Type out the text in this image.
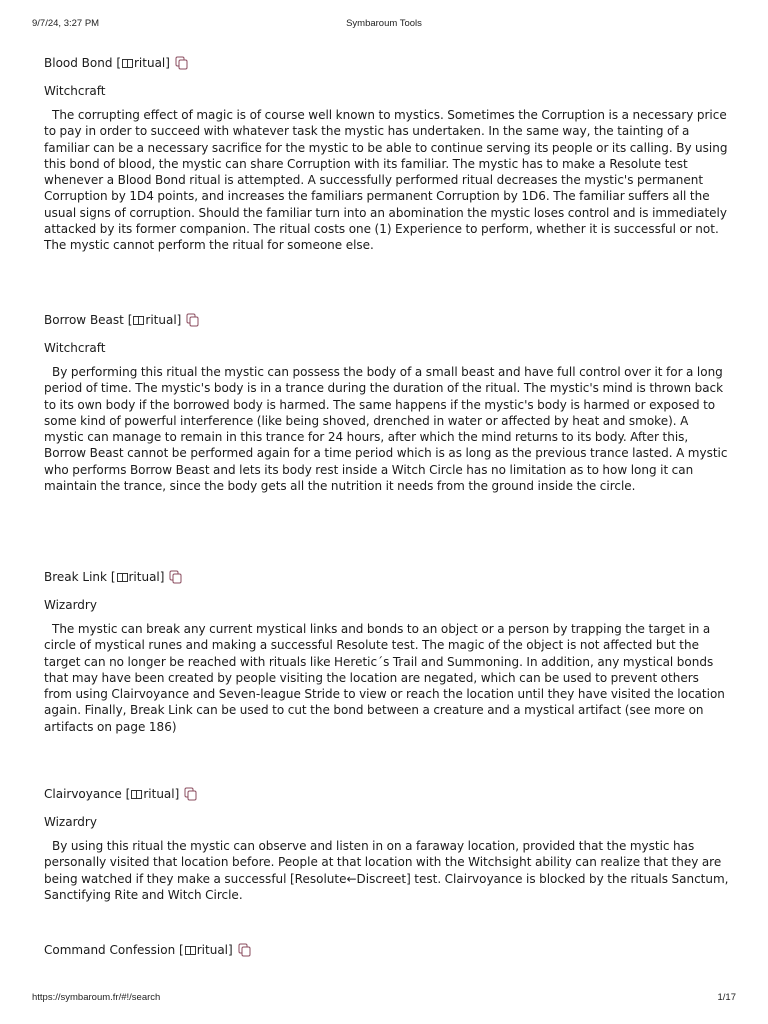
9/7/24, 3:27 PM	Symbaroum Tools
Blood Bond
[ ritual]
Witchcraft
The corrupting effect of magic is of course well known to mystics. Sometimes the Corruption is a necessary price to pay in order to succeed with whatever task the mystic has undertaken. In the same way, the tainting of a familiar can be a necessary sacrifice for the mystic to be able to continue serving its people or its calling. By using this bond of blood, the mystic can share Corruption with its familiar. The mystic has to make a Resolute test whenever a Blood Bond ritual is attempted. A successfully performed ritual decreases the mystic's permanent Corruption by 1D4 points, and increases the familiars permanent Corruption by 1D6. The familiar suffers all the usual signs of corruption. Should the familiar turn into an abomination the mystic loses control and is immediately attacked by its former companion. The ritual costs one (1) Experience to perform, whether it is successful or not. The mystic cannot perform the ritual for someone else.
Borrow Beast
[ ritual]
Witchcraft
By performing this ritual the mystic can possess the body of a small beast and have full control over it for a long period of time. The mystic's body is in a trance during the duration of the ritual. The mystic's mind is thrown back to its own body if the borrowed body is harmed. The same happens if the mystic's body is harmed or exposed to some kind of powerful interference (like being shoved, drenched in water or affected by heat and smoke). A mystic can manage to remain in this trance for 24 hours, after which the mind returns to its body. After this, Borrow Beast cannot be performed again for a time period which is as long as the previous trance lasted. A mystic who performs Borrow Beast and lets its body rest inside a Witch Circle has no limitation as to how long it can maintain the trance, since the body gets all the nutrition it needs from the ground inside the circle.
Break Link
[ ritual]
Wizardry
The mystic can break any current mystical links and bonds to an object or a person by trapping the target in a circle of mystical runes and making a successful Resolute test. The magic of the object is not affected but the target can no longer be reached with rituals like Heretic´s Trail and Summoning. In addition, any mystical bonds that may have been created by people visiting the location are negated, which can be used to prevent others from using Clairvoyance and Seven-league Stride to view or reach the location until they have visited the location again. Finally, Break Link can be used to cut the bond between a creature and a mystical artifact (see more on artifacts on page 186)
Clairvoyance
[ ritual]
Wizardry
By using this ritual the mystic can observe and listen in on a faraway location, provided that the mystic has personally visited that location before. People at that location with the Witchsight ability can realize that they are being watched if they make a successful [Resolute←Discreet] test. Clairvoyance is blocked by the rituals Sanctum, Sanctifying Rite and Witch Circle.
Command Confession
[ ritual]
https://symbaroum.fr/#!/search	1/17
